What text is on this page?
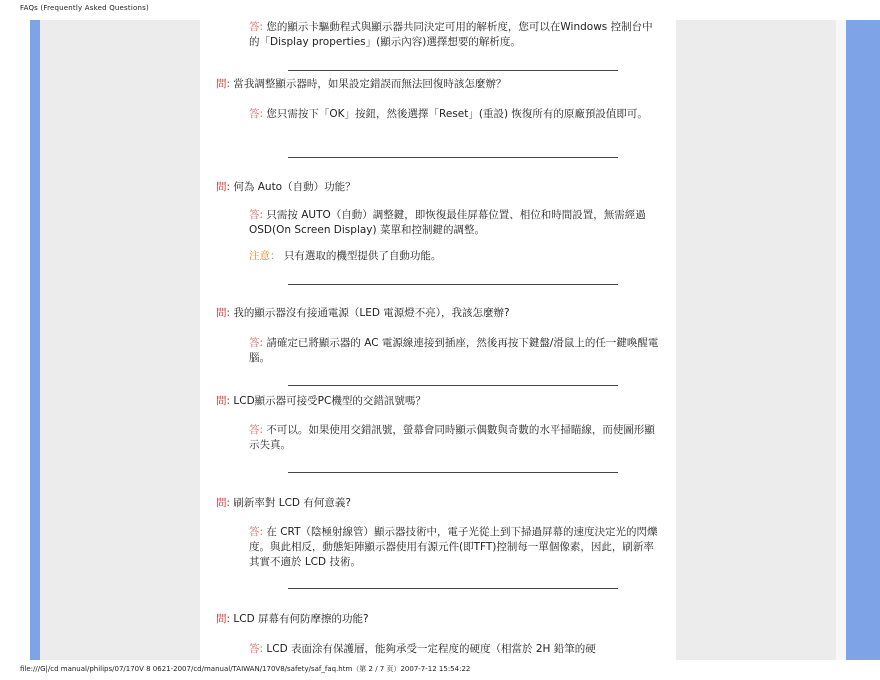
FAQs (Frequently Asked Questions)
答: 您的顯示卡驅動程式與顯示器共同決定可用的解析度，您可以在Windows 控制台中的「Display properties」(顯示內容)選擇想要的解析度。
問: 當我調整顯示器時，如果設定錯誤而無法回復時該怎麼辦？
答: 您只需按下「OK」按鈕，然後選擇「Reset」(重設) 恢復所有的原廠預設值即可。
問: 何為 Auto（自動）功能？
答: 只需按 AUTO（自動）調整鍵，即恢復最佳屏幕位置、相位和時間設置，無需經過 OSD(On Screen Display) 菜單和控制鍵的調整。
注意： 只有選取的機型提供了自動功能。
問: 我的顯示器沒有接通電源（LED 電源燈不亮），我該怎麼辦?
答: 請確定已將顯示器的 AC 電源線連接到插座，然後再按下鍵盤/滑鼠上的任一鍵喚醒電腦。
問: LCD顯示器可接受PC機型的交錯訊號嗎？
答: 不可以。如果使用交錯訊號，螢幕會同時顯示偶數與奇數的水平掃瞄線，而使圖形顯示失真。
問: 刷新率對 LCD 有何意義?
答: 在 CRT（陰極射線管）顯示器技術中，電子光從上到下掃過屏幕的速度決定光的閃爍度。與此相反，動態矩陣顯示器使用有源元件(即TFT)控制每一單個像素，因此，刷新率其實不適於 LCD 技術。
問: LCD 屏幕有何防摩擦的功能?
答: LCD 表面涂有保護層，能夠承受一定程度的硬度（相當於 2H 鉛筆的硬
file:///G|/cd manual/philips/07/170V 8 0621-2007/cd/manual/TAIWAN/170V8/safety/saf_faq.htm（第 2 / 7 页）2007-7-12 15:54:22
